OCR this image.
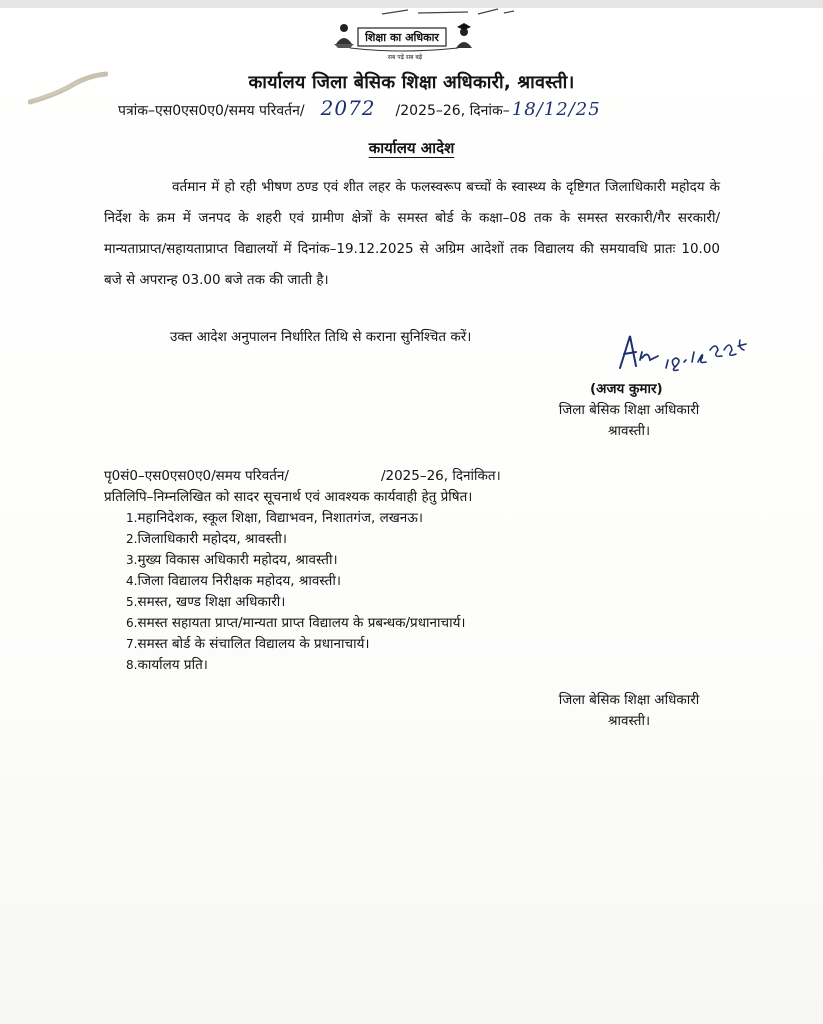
शिक्षा का अधिकार
सब पढ़ें सब बढ़ें
कार्यालय जिला बेसिक शिक्षा अधिकारी, श्रावस्ती।
पत्रांक–एस0एस0ए0/समय परिवर्तन/ 2072 /2025–26, दिनांक– 18/12/25
कार्यालय आदेश

वर्तमान में हो रही भीषण ठण्ड एवं शीत लहर के फलस्वरूप बच्चों के स्वास्थ्य के दृष्टिगत जिलाधिकारी महोदय के निर्देश के क्रम में जनपद के शहरी एवं ग्रामीण क्षेत्रों के समस्त बोर्ड के कक्षा–08 तक के समस्त सरकारी/गैर सरकारी/मान्यताप्राप्त/सहायताप्राप्त विद्यालयों में दिनांक–19.12.2025 से अग्रिम आदेशों तक विद्यालय की समयावधि प्रातः 10.00 बजे से अपरान्ह 03.00 बजे तक की जाती है।

उक्त आदेश अनुपालन निर्धारित तिथि से कराना सुनिश्चित करें।
(अजय कुमार)
जिला बेसिक शिक्षा अधिकारी
श्रावस्ती।
पृ0सं0–एस0एस0ए0/समय परिवर्तन/	/2025–26, दिनांकित।
प्रतिलिपि–निम्नलिखित को सादर सूचनार्थ एवं आवश्यक कार्यवाही हेतु प्रेषित।
1.महानिदेशक, स्कूल शिक्षा, विद्याभवन, निशातगंज, लखनऊ।
2.जिलाधिकारी महोदय, श्रावस्ती।
3.मुख्य विकास अधिकारी महोदय, श्रावस्ती।
4.जिला विद्यालय निरीक्षक महोदय, श्रावस्ती।
5.समस्त, खण्ड शिक्षा अधिकारी।
6.समस्त सहायता प्राप्त/मान्यता प्राप्त विद्यालय के प्रबन्धक/प्रधानाचार्य।
7.समस्त बोर्ड के संचालित विद्यालय के प्रधानाचार्य।
8.कार्यालय प्रति।
जिला बेसिक शिक्षा अधिकारी
श्रावस्ती।
